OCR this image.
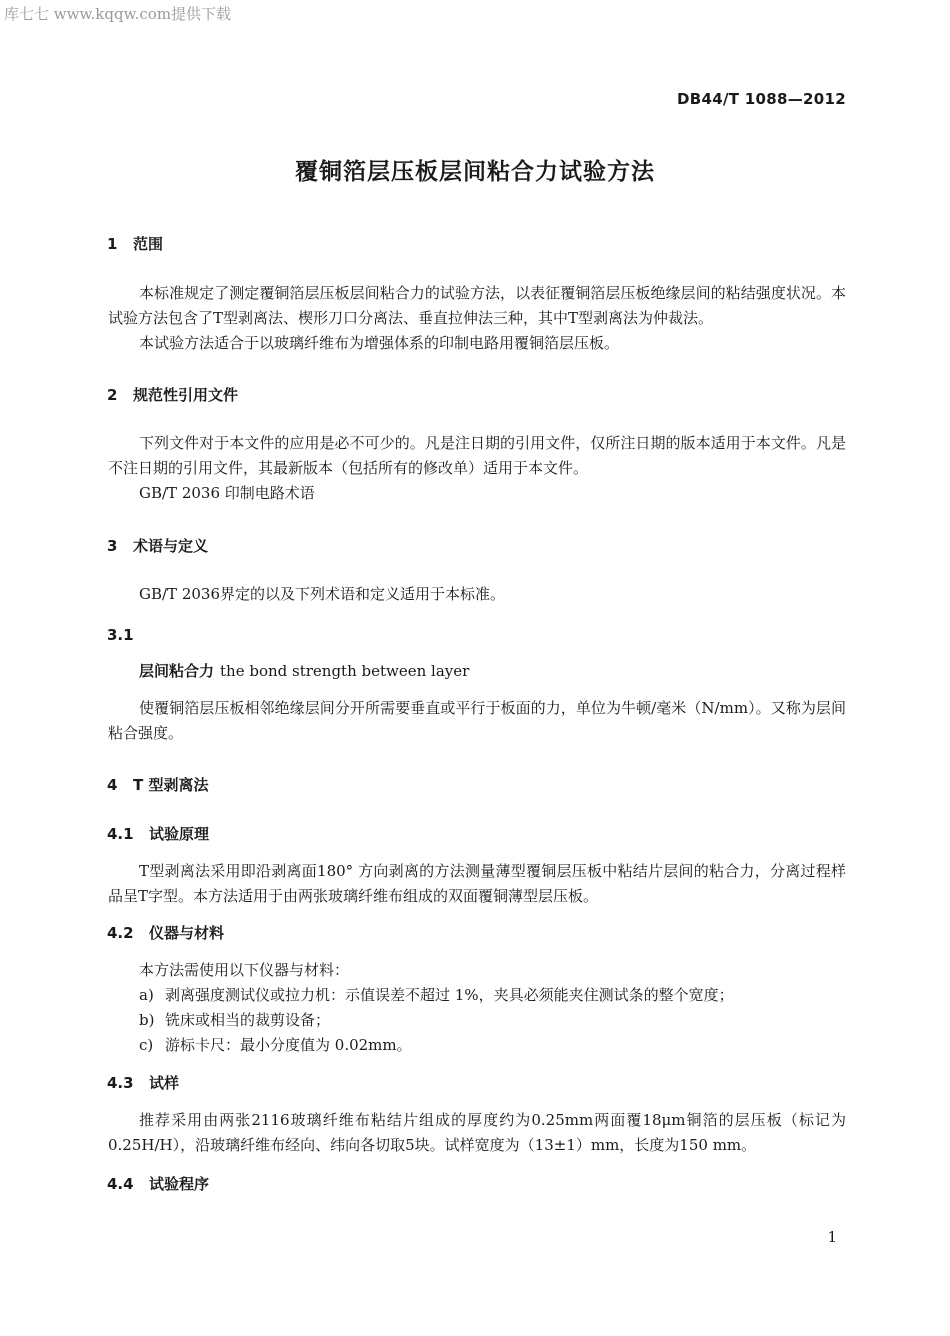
库七七 www.kqqw.com提供下载
DB44/T 1088—2012
覆铜箔层压板层间粘合力试验方法
1 范围
本标准规定了测定覆铜箔层压板层间粘合力的试验方法，以表征覆铜箔层压板绝缘层间的粘结强度状况。本试验方法包含了T型剥离法、楔形刀口分离法、垂直拉伸法三种，其中T型剥离法为仲裁法。
本试验方法适合于以玻璃纤维布为增强体系的印制电路用覆铜箔层压板。
2 规范性引用文件
下列文件对于本文件的应用是必不可少的。凡是注日期的引用文件，仅所注日期的版本适用于本文件。凡是不注日期的引用文件，其最新版本（包括所有的修改单）适用于本文件。
GB/T 2036 印制电路术语
3 术语与定义
GB/T 2036界定的以及下列术语和定义适用于本标准。
3.1
层间粘合力 the bond strength between layer
使覆铜箔层压板相邻绝缘层间分开所需要垂直或平行于板面的力，单位为牛顿/毫米（N/mm）。又称为层间粘合强度。
4 T 型剥离法
4.1 试验原理
T型剥离法采用即沿剥离面180° 方向剥离的方法测量薄型覆铜层压板中粘结片层间的粘合力，分离过程样品呈T字型。本方法适用于由两张玻璃纤维布组成的双面覆铜薄型层压板。
4.2 仪器与材料
本方法需使用以下仪器与材料：
a) 剥离强度测试仪或拉力机：示值误差不超过 1%，夹具必须能夹住测试条的整个宽度；
b) 铣床或相当的裁剪设备；
c) 游标卡尺：最小分度值为 0.02mm。
4.3 试样
推荐采用由两张2116玻璃纤维布粘结片组成的厚度约为0.25mm两面覆18μm铜箔的层压板（标记为0.25H/H），沿玻璃纤维布经向、纬向各切取5块。试样宽度为（13±1）mm，长度为150 mm。
4.4 试验程序
1
